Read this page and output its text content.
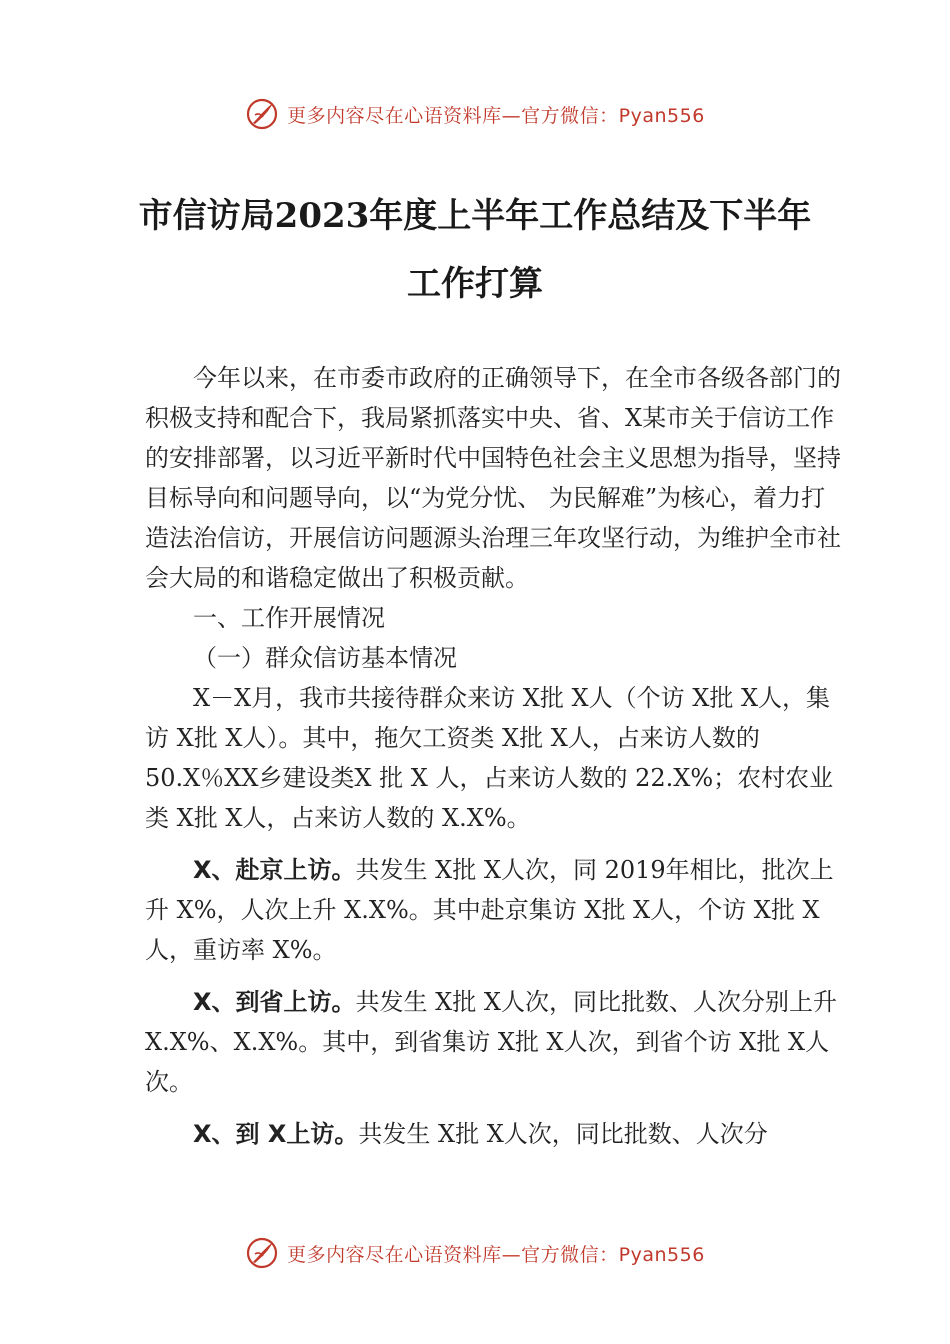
更多内容尽在心语资料库—官方微信：Pyan556
市信访局2023年度上半年工作总结及下半年工作打算

今年以来，在市委市政府的正确领导下，在全市各级各部门的积极支持和配合下，我局紧抓落实中央、省、X某市关于信访工作的安排部署，以习近平新时代中国特色社会主义思想为指导，坚持目标导向和问题导向，以“为党分忧、 为民解难”为核心，着力打造法治信访，开展信访问题源头治理三年攻坚行动，为维护全市社会大局的和谐稳定做出了积极贡献。

一、工作开展情况

（一）群众信访基本情况

X－X月，我市共接待群众来访 X批 X人（个访 X批 X人，集访 X批 X人）。其中，拖欠工资类 X批 X人，占来访人数的 50.X％XX乡建设类X 批 X 人，占来访人数的 22.X%；农村农业类 X批 X人，占来访人数的 X.X%。

X、赴京上访。共发生 X批 X人次，同 2019年相比，批次上升 X%，人次上升 X.X%。其中赴京集访 X批 X人，个访 X批 X人，重访率 X%。

X、到省上访。共发生 X批 X人次，同比批数、人次分别上升 X.X%、X.X%。其中，到省集访 X批 X人次，到省个访 X批 X人次。

X、到 X上访。共发生 X批 X人次，同比批数、人次分

更多内容尽在心语资料库—官方微信：Pyan556
